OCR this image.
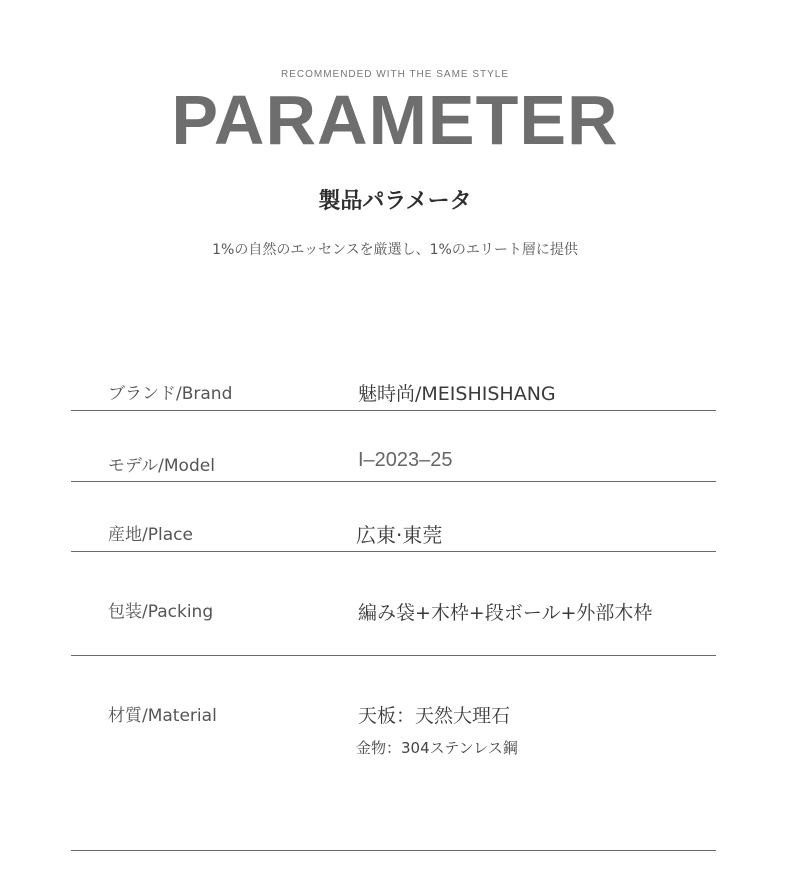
RECOMMENDED WITH THE SAME STYLE
PARAMETER
製品パラメータ
1%の自然のエッセンスを厳選し、1%のエリート層に提供
ブランド/Brand	魅時尚/MEISHISHANG
モデル/Model	I–2023–25
産地/Place	広東·東莞
包装/Packing	編み袋+木枠+段ボール+外部木枠
材質/Material	天板：天然大理石
金物：304ステンレス鋼
